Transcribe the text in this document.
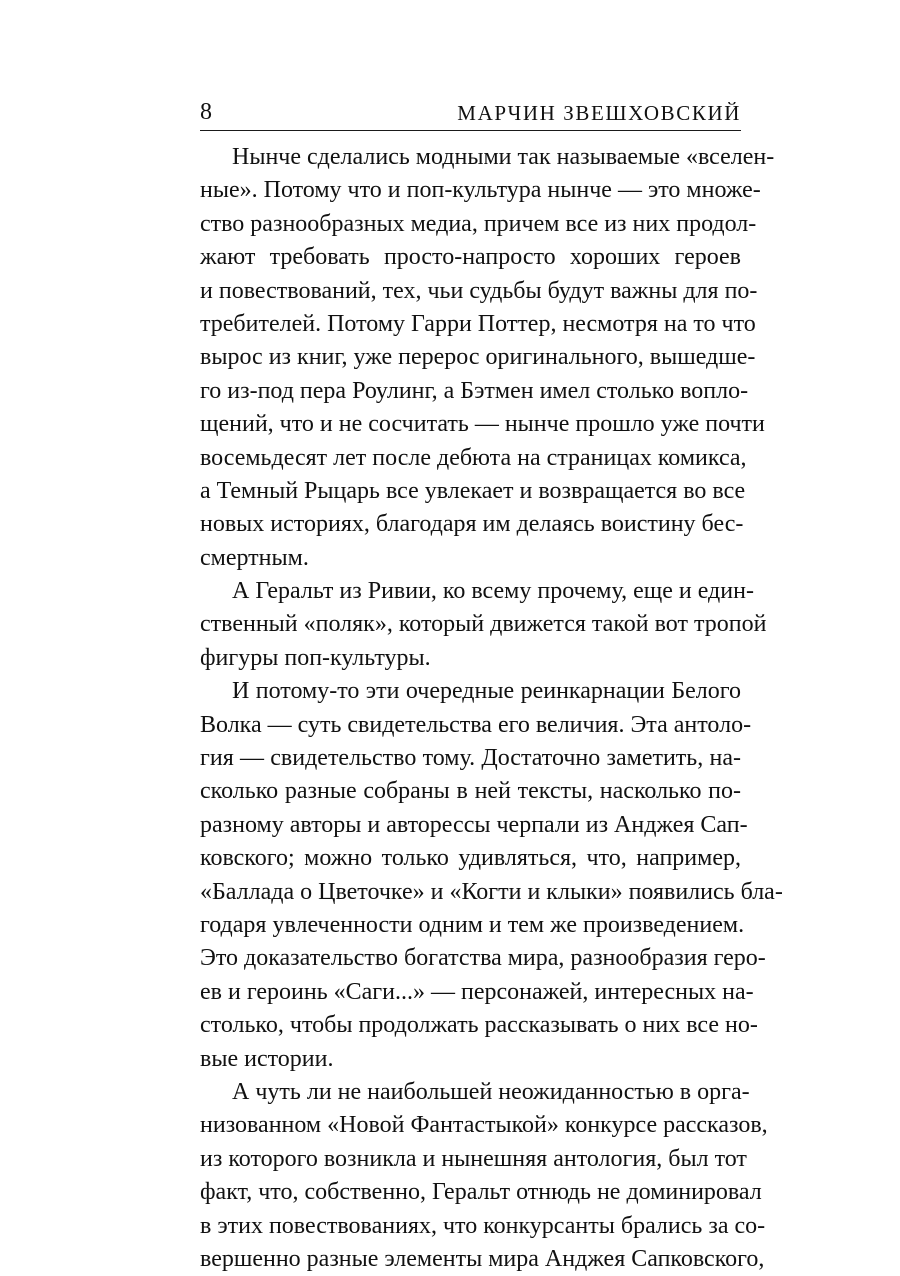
8	МАРЧИН ЗВЕШХОВСКИЙ
Нынче сделались модными так называемые «вселен-
ные». Потому что и поп-культура нынче — это множе-
ство разнообразных медиа, причем все из них продол-
жают требовать просто-напросто хороших героев
и повествований, тех, чьи судьбы будут важны для по-
требителей. Потому Гарри Поттер, несмотря на то что
вырос из книг, уже перерос оригинального, вышедше-
го из-под пера Роулинг, а Бэтмен имел столько вопло-
щений, что и не сосчитать — нынче прошло уже почти
восемьдесят лет после дебюта на страницах комикса,
а Темный Рыцарь все увлекает и возвращается во все
новых историях, благодаря им делаясь воистину бес-
смертным.
А Геральт из Ривии, ко всему прочему, еще и един-
ственный «поляк», который движется такой вот тропой
фигуры поп-культуры.
И потому-то эти очередные реинкарнации Белого
Волка — суть свидетельства его величия. Эта антоло-
гия — свидетельство тому. Достаточно заметить, на-
сколько разные собраны в ней тексты, насколько по-
разному авторы и авторессы черпали из Анджея Сап-
ковского; можно только удивляться, что, например,
«Баллада о Цветочке» и «Когти и клыки» появились бла-
годаря увлеченности одним и тем же произведением.
Это доказательство богатства мира, разнообразия геро-
ев и героинь «Саги...» — персонажей, интересных на-
столько, чтобы продолжать рассказывать о них все но-
вые истории.
А чуть ли не наибольшей неожиданностью в орга-
низованном «Новой Фантастыкой» конкурсе рассказов,
из которого возникла и нынешняя антология, был тот
факт, что, собственно, Геральт отнюдь не доминировал
в этих повествованиях, что конкурсанты брались за со-
вершенно разные элементы мира Анджея Сапковского,
